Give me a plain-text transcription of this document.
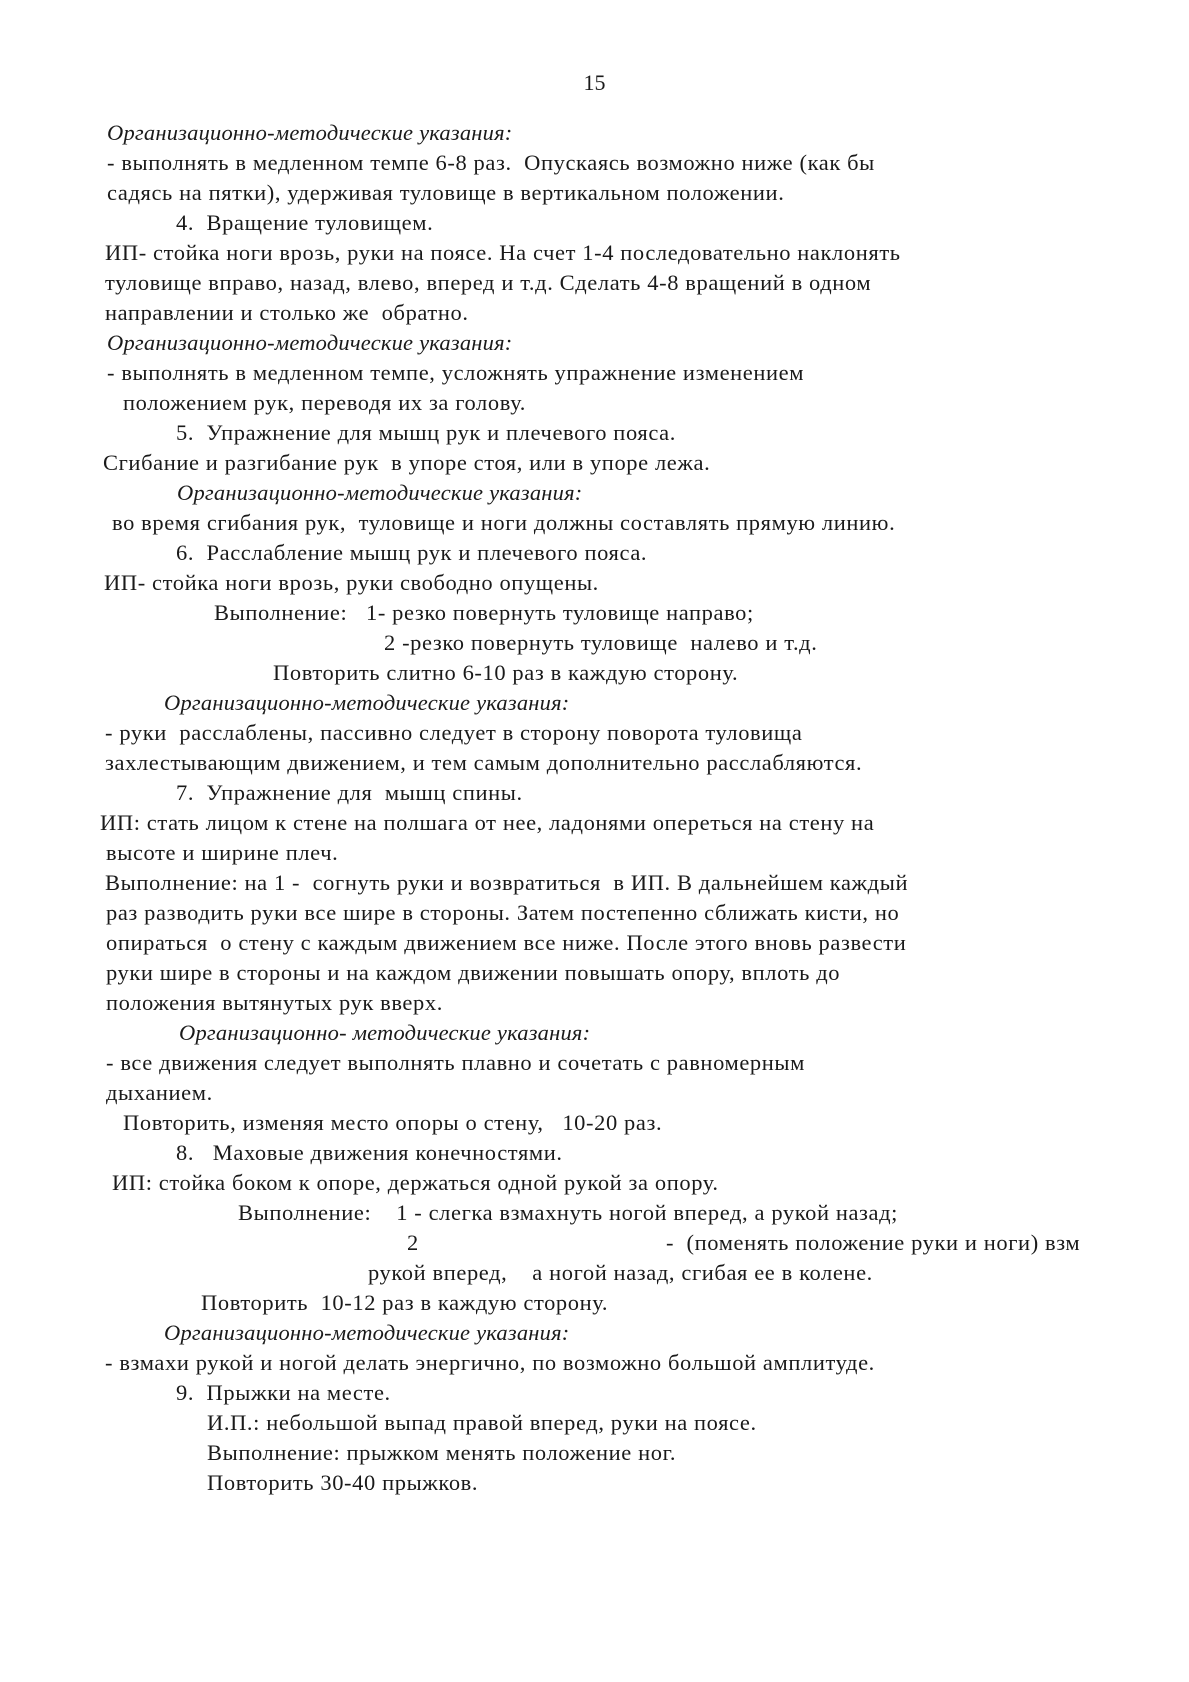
15
Организационно-методические указания:
- выполнять в медленном темпе 6-8 раз.  Опускаясь возможно ниже (как бы
садясь на пятки), удерживая туловище в вертикальном положении.
4.  Вращение туловищем.
ИП- стойка ноги врозь, руки на поясе. На счет 1-4 последовательно наклонять
туловище вправо, назад, влево, вперед и т.д. Сделать 4-8 вращений в одном
направлении и столько же  обратно.
Организационно-методические указания:
- выполнять в медленном темпе, усложнять упражнение изменением
положением рук, переводя их за голову.
5.  Упражнение для мышц рук и плечевого пояса.
Сгибание и разгибание рук  в упоре стоя, или в упоре лежа.
Организационно-методические указания:
во время сгибания рук,  туловище и ноги должны составлять прямую линию.
6.  Расслабление мышц рук и плечевого пояса.
ИП- стойка ноги врозь, руки свободно опущены.
Выполнение:   1- резко повернуть туловище направо;
2 -резко повернуть туловище  налево и т.д.
Повторить слитно 6-10 раз в каждую сторону.
Организационно-методические указания:
- руки  расслаблены, пассивно следует в сторону поворота туловища
захлестывающим движением, и тем самым дополнительно расслабляются.
7.  Упражнение для  мышц спины.
ИП: стать лицом к стене на полшага от нее, ладонями опереться на стену на
высоте и ширине плеч.
Выполнение: на 1 -  согнуть руки и возвратиться  в ИП. В дальнейшем каждый
раз разводить руки все шире в стороны. Затем постепенно сближать кисти, но
опираться  о стену с каждым движением все ниже. После этого вновь развести
руки шире в стороны и на каждом движении повышать опору, вплоть до
положения вытянутых рук вверх.
Организационно- методические указания:
- все движения следует выполнять плавно и сочетать с равномерным
дыханием.
Повторить, изменяя место опоры о стену,   10-20 раз.
8.   Маховые движения конечностями.
ИП: стойка боком к опоре, держаться одной рукой за опору.
Выполнение:    1 - слегка взмахнуть ногой вперед, а рукой назад;
2	-  (поменять положение руки и ноги) взм
рукой вперед,    а ногой назад, сгибая ее в колене.
Повторить  10-12 раз в каждую сторону.
Организационно-методические указания:
- взмахи рукой и ногой делать энергично, по возможно большой амплитуде.
9.  Прыжки на месте.
И.П.: небольшой выпад правой вперед, руки на поясе.
Выполнение: прыжком менять положение ног.
Повторить 30-40 прыжков.
